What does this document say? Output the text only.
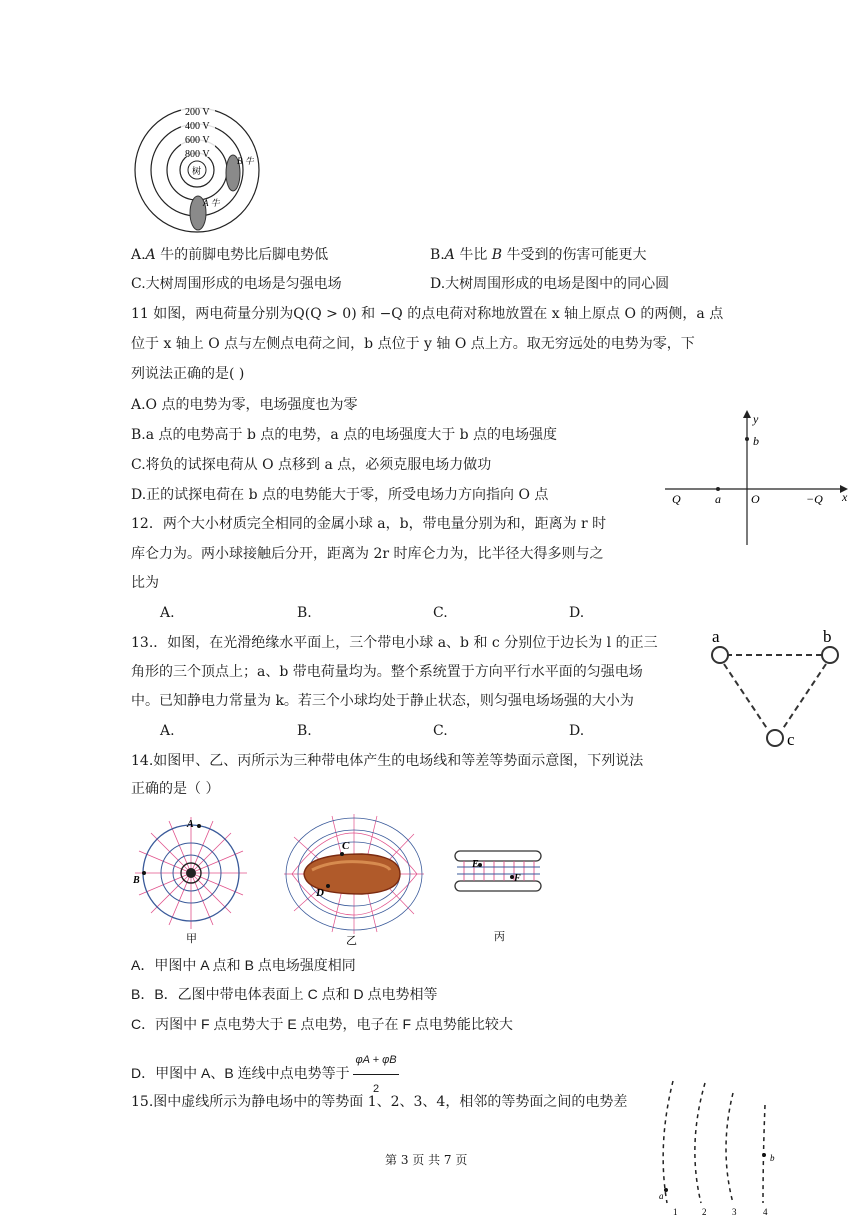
200 V
400 V
600 V
800 V
树
B 牛
A 牛
A.A 牛的前脚电势比后脚电势低	B.A 牛比 B 牛受到的伤害可能更大
C.大树周围形成的电场是匀强电场	D.大树周围形成的电场是图中的同心圆
11 如图，两电荷量分别为Q(Q > 0) 和 −Q 的点电荷对称地放置在 x 轴上原点 O 的两侧，a 点
位于 x 轴上 O 点与左侧点电荷之间，b 点位于 y 轴 O 点上方。取无穷远处的电势为零，下
列说法正确的是( )
A.O 点的电势为零，电场强度也为零
B.a 点的电势高于 b 点的电势，a 点的电场强度大于 b 点的电场强度
C.将负的试探电荷从 O 点移到 a 点，必须克服电场力做功
D.正的试探电荷在 b 点的电势能大于零，所受电场力方向指向 O 点
y
b
Q	a	O	−Q x
12．两个大小材质完全相同的金属小球 a，b，带电量分别为和，距离为 r 时
库仑力为。两小球接触后分开，距离为 2r 时库仑力为，比半径大得多则与之
比为
A.	B.	C.	D.
13.．如图，在光滑绝缘水平面上，三个带电小球 a、b 和 c 分别位于边长为 l 的正三
角形的三个顶点上；a、b 带电荷量均为。整个系统置于方向平行水平面的匀强电场
中。已知静电力常量为 k。若三个小球均处于静止状态，则匀强电场场强的大小为
A.	B.	C.	D.
a	b
c
14.如图甲、乙、丙所示为三种带电体产生的电场线和等差等势面示意图，下列说法
正确的是（ ）
A
B
甲
C
D
乙
E
F
丙
A．甲图中 A 点和 B 点电场强度相同
B．B．乙图中带电体表面上 C 点和 D 点电势相等
C．丙图中 F 点电势大于 E 点电势，电子在 F 点电势能比较大
D．甲图中 A、B 连线中点电势等于 $\frac{\varphi A + \varphi B}{2}$
15.图中虚线所示为静电场中的等势面 1、2、3、4，相邻的等势面之间的电势差
a
b
1	2	3	4
第 3 页 共 7 页
